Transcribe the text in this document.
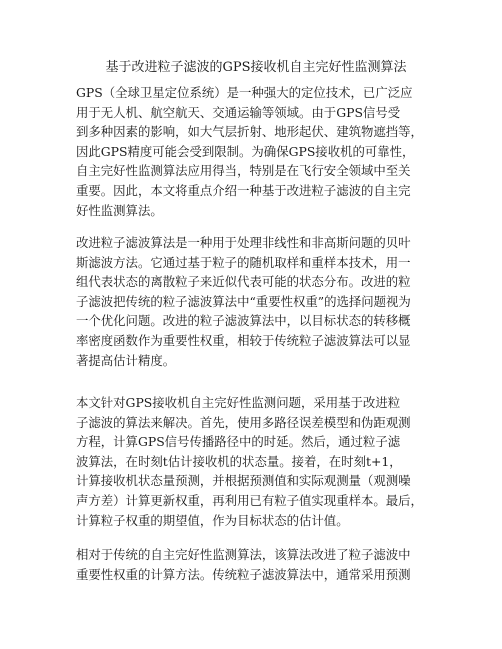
基于改进粒子滤波的GPS接收机自主完好性监测算法

GPS（全球卫星定位系统）是一种强大的定位技术，已广泛应
用于无人机、航空航天、交通运输等领域。由于GPS信号受
到多种因素的影响，如大气层折射、地形起伏、建筑物遮挡等，
因此GPS精度可能会受到限制。为确保GPS接收机的可靠性，
自主完好性监测算法应用得当，特别是在飞行安全领域中至关
重要。因此，本文将重点介绍一种基于改进粒子滤波的自主完
好性监测算法。

改进粒子滤波算法是一种用于处理非线性和非高斯问题的贝叶
斯滤波方法。它通过基于粒子的随机取样和重样本技术，用一
组代表状态的离散粒子来近似代表可能的状态分布。改进的粒
子滤波把传统的粒子滤波算法中“重要性权重”的选择问题视为
一个优化问题。改进的粒子滤波算法中，以目标状态的转移概
率密度函数作为重要性权重，相较于传统粒子滤波算法可以显
著提高估计精度。

本文针对GPS接收机自主完好性监测问题，采用基于改进粒
子滤波的算法来解决。首先，使用多路径误差模型和伪距观测
方程，计算GPS信号传播路径中的时延。然后，通过粒子滤
波算法，在时刻t估计接收机的状态量。接着，在时刻t+1，
计算接收机状态量预测，并根据预测值和实际观测量（观测噪
声方差）计算更新权重，再利用已有粒子值实现重样本。最后，
计算粒子权重的期望值，作为目标状态的估计值。

相对于传统的自主完好性监测算法，该算法改进了粒子滤波中
重要性权重的计算方法。传统粒子滤波算法中，通常采用预测
